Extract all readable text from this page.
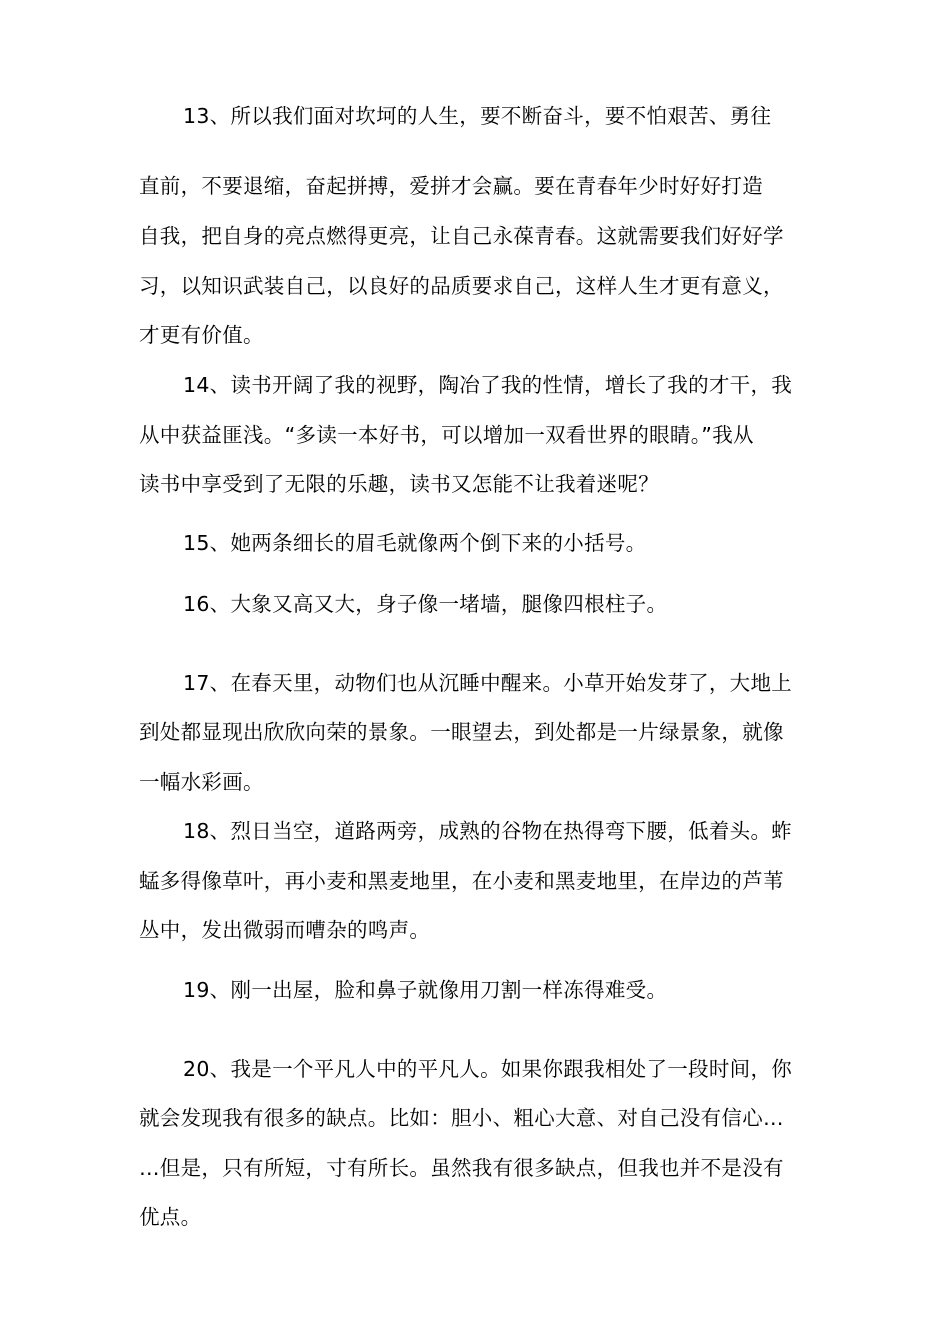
13、所以我们面对坎坷的人生，要不断奋斗，要不怕艰苦、勇往
直前，不要退缩，奋起拼搏，爱拼才会赢。要在青春年少时好好打造
自我，把自身的亮点燃得更亮，让自己永葆青春。这就需要我们好好学
习，以知识武装自己，以良好的品质要求自己，这样人生才更有意义，
才更有价值。
14、读书开阔了我的视野，陶冶了我的性情，增长了我的才干，我
从中获益匪浅。“多读一本好书，可以增加一双看世界的眼睛。”我从
读书中享受到了无限的乐趣，读书又怎能不让我着迷呢？
15、她两条细长的眉毛就像两个倒下来的小括号。
16、大象又高又大，身子像一堵墙，腿像四根柱子。
17、在春天里，动物们也从沉睡中醒来。小草开始发芽了，大地上
到处都显现出欣欣向荣的景象。一眼望去，到处都是一片绿景象，就像
一幅水彩画。
18、烈日当空，道路两旁，成熟的谷物在热得弯下腰，低着头。蚱
蜢多得像草叶，再小麦和黑麦地里，在小麦和黑麦地里，在岸边的芦苇
丛中，发出微弱而嘈杂的鸣声。
19、刚一出屋，脸和鼻子就像用刀割一样冻得难受。
20、我是一个平凡人中的平凡人。如果你跟我相处了一段时间，你
就会发现我有很多的缺点。比如：胆小、粗心大意、对自己没有信心…
…但是，只有所短，寸有所长。虽然我有很多缺点，但我也并不是没有
优点。
